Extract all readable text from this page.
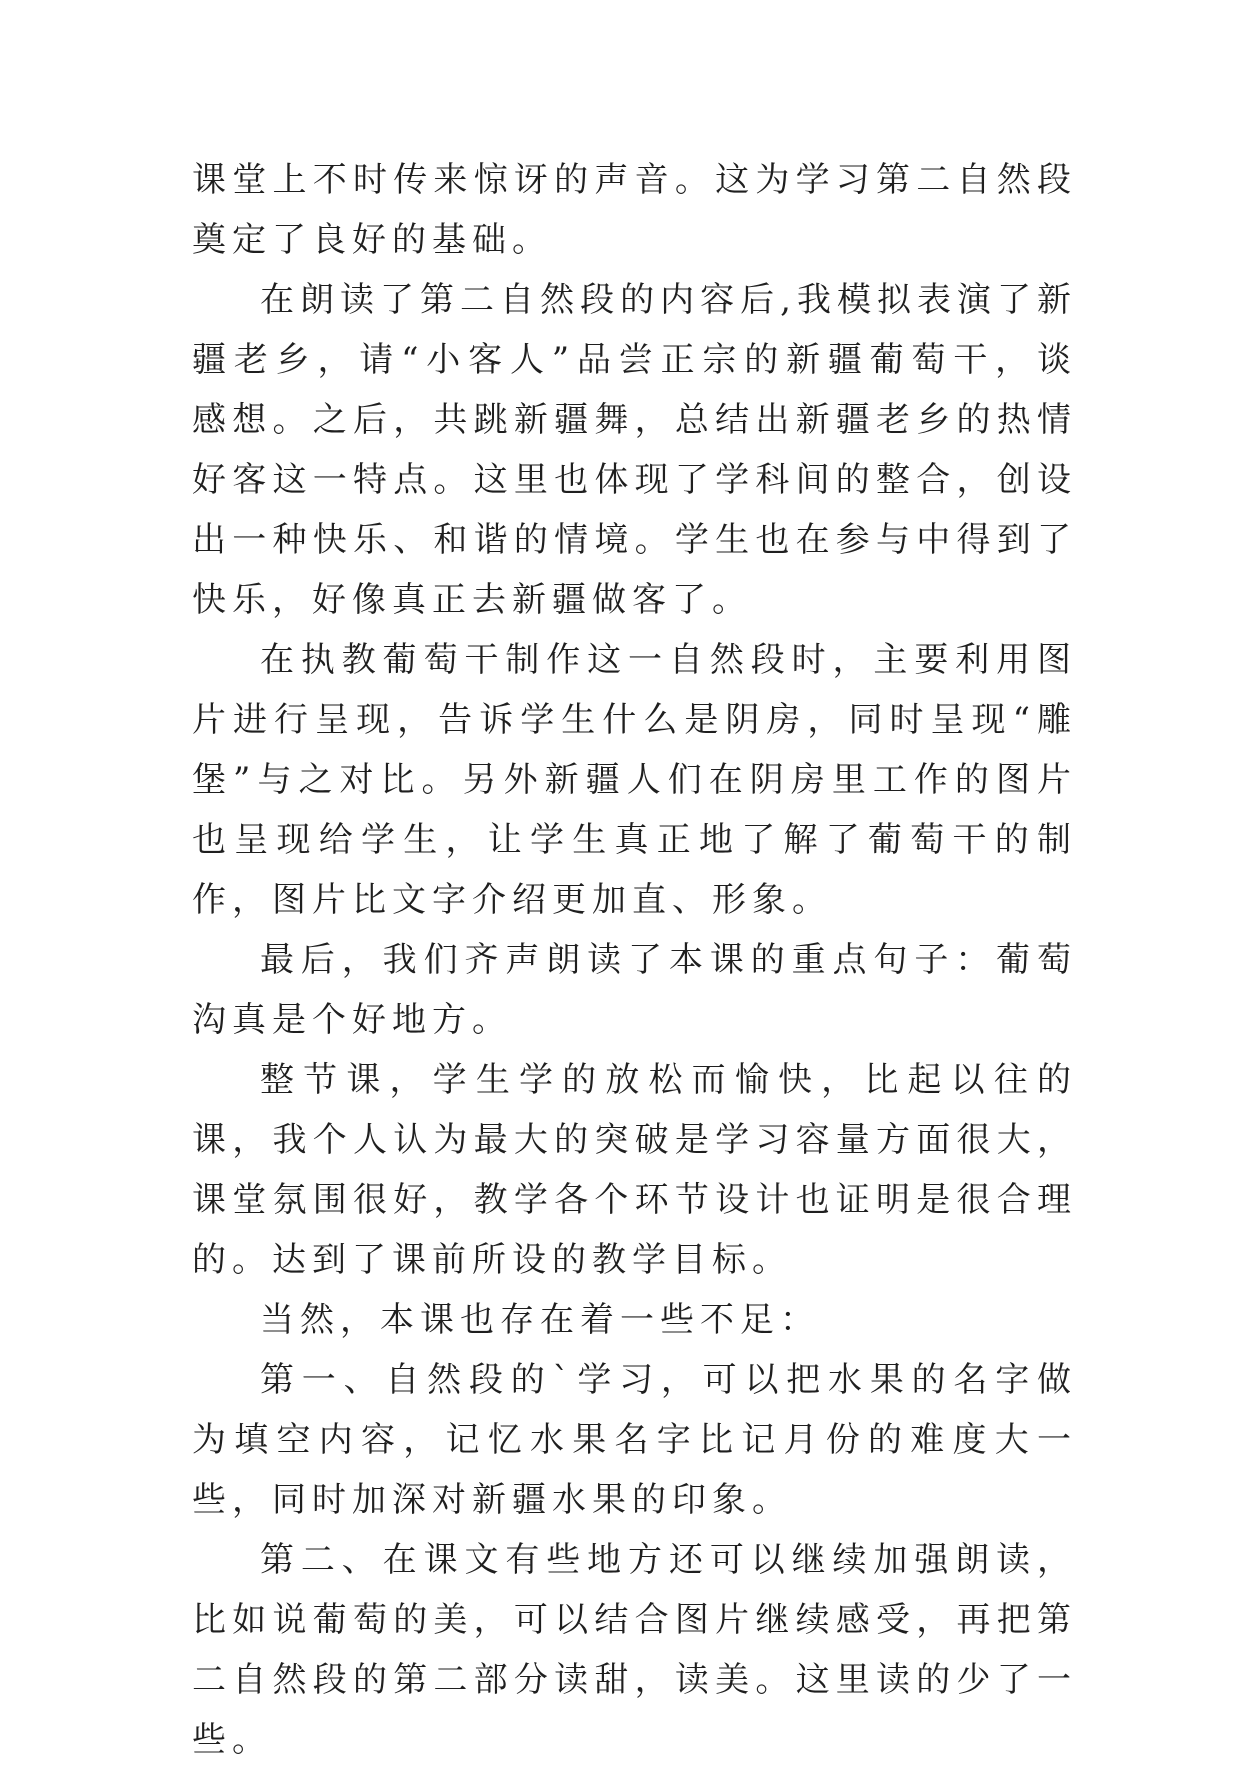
课堂上不时传来惊讶的声音。这为学习第二自然段奠定了良好的基础。

在朗读了第二自然段的内容后,我模拟表演了新疆老乡，请“小客人”品尝正宗的新疆葡萄干，谈感想。之后，共跳新疆舞，总结出新疆老乡的热情好客这一特点。这里也体现了学科间的整合，创设出一种快乐、和谐的情境。学生也在参与中得到了快乐，好像真正去新疆做客了。

在执教葡萄干制作这一自然段时，主要利用图片进行呈现，告诉学生什么是阴房，同时呈现“雕堡”与之对比。另外新疆人们在阴房里工作的图片也呈现给学生，让学生真正地了解了葡萄干的制作，图片比文字介绍更加直、形象。

最后，我们齐声朗读了本课的重点句子：葡萄沟真是个好地方。

整节课，学生学的放松而愉快，比起以往的课，我个人认为最大的突破是学习容量方面很大，课堂氛围很好，教学各个环节设计也证明是很合理的。达到了课前所设的教学目标。

当然，本课也存在着一些不足：

第一、自然段的`学习，可以把水果的名字做为填空内容，记忆水果名字比记月份的难度大一些，同时加深对新疆水果的印象。

第二、在课文有些地方还可以继续加强朗读，比如说葡萄的美，可以结合图片继续感受，再把第二自然段的第二部分读甜，读美。这里读的少了一些。
